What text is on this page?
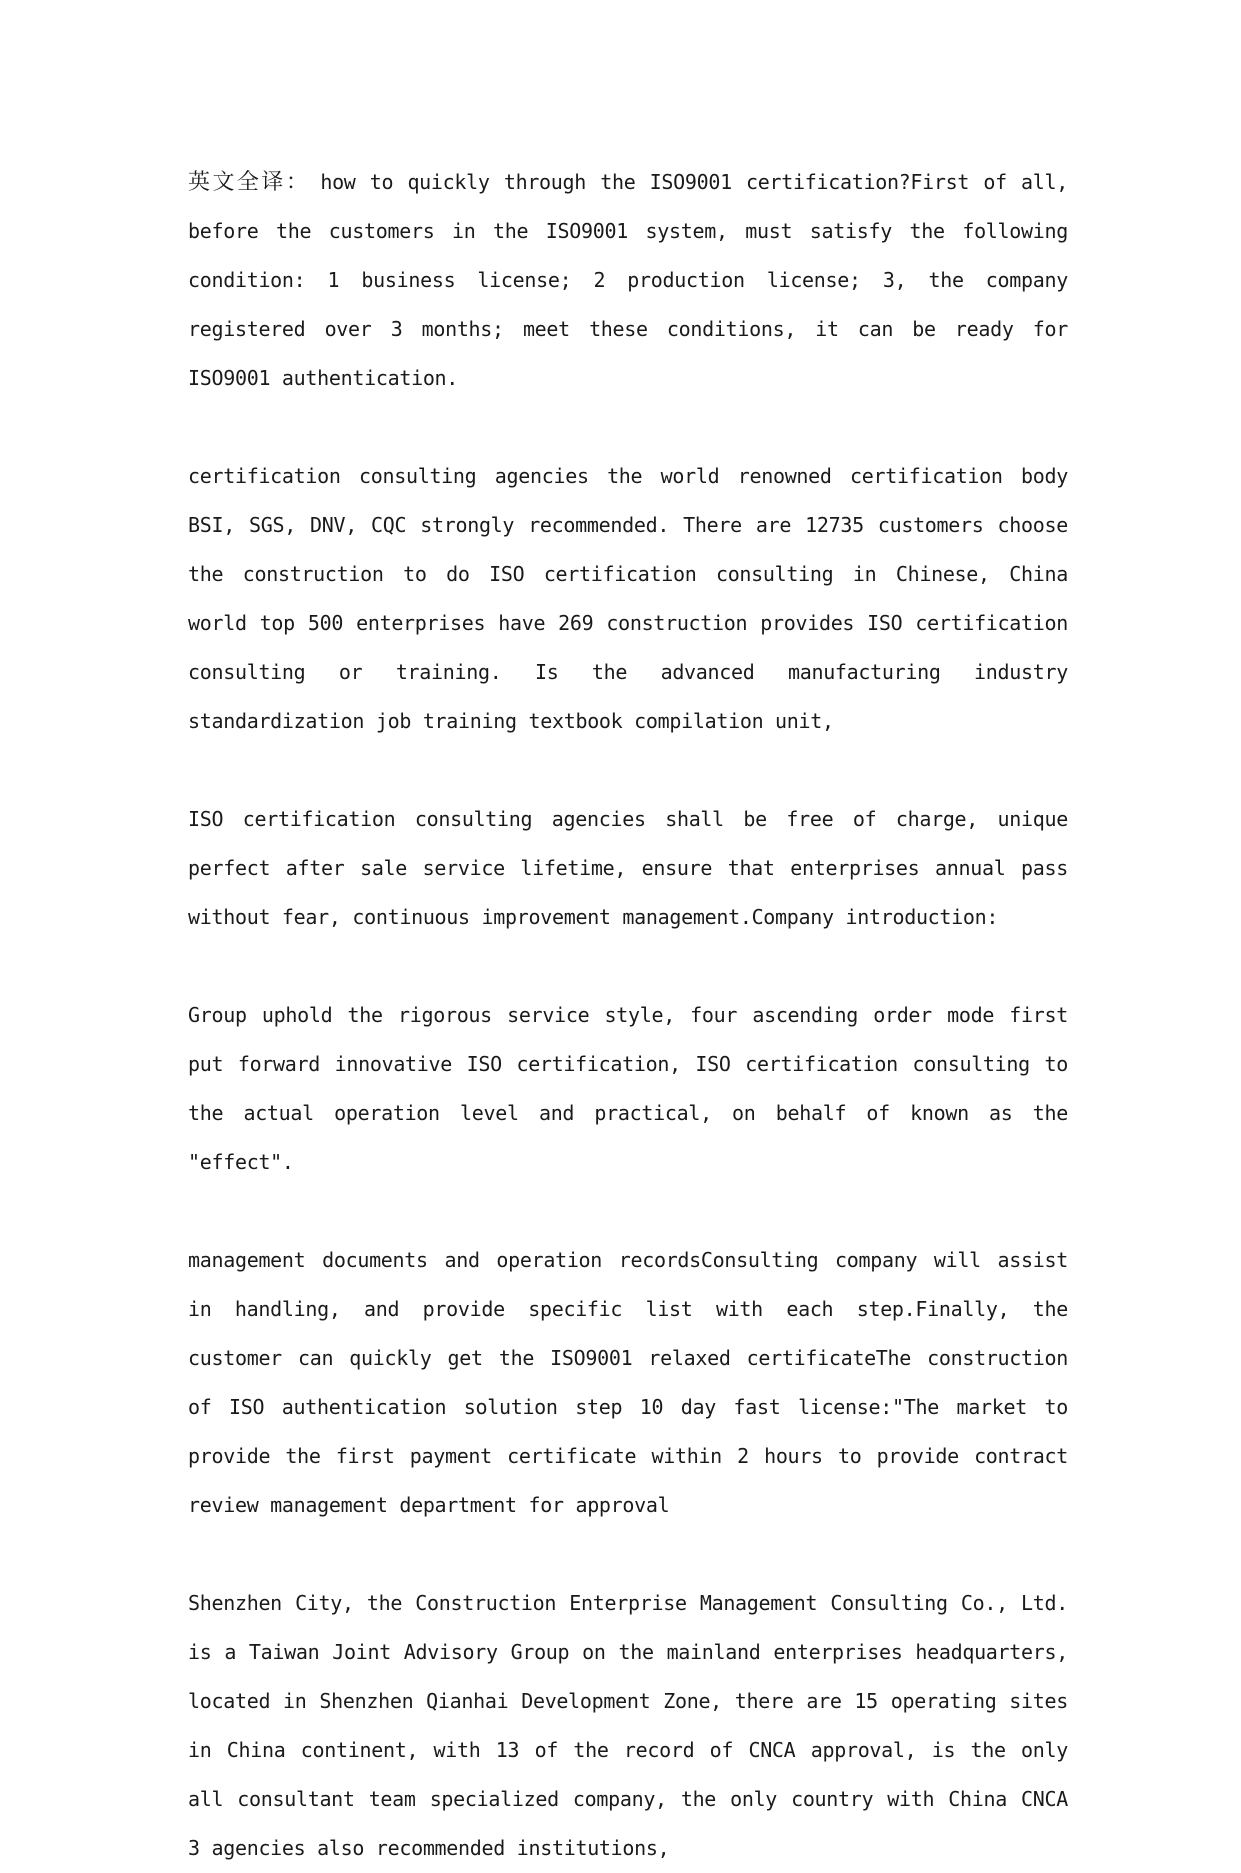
英文全译： how to quickly through the ISO9001 certification?First of all, before the customers in the ISO9001 system, must satisfy the following condition: 1 business license; 2 production license; 3, the company registered over 3 months; meet these conditions, it can be ready for ISO9001 authentication.

certification consulting agencies the world renowned certification body BSI, SGS, DNV, CQC strongly recommended. There are 12735 customers choose the construction to do ISO certification consulting in Chinese, China world top 500 enterprises have 269 construction provides ISO certification consulting or training. Is the advanced manufacturing industry standardization job training textbook compilation unit,

ISO certification consulting agencies shall be free of charge, unique perfect after sale service lifetime, ensure that enterprises annual pass without fear, continuous improvement management.Company introduction:

Group uphold the rigorous service style, four ascending order mode first put forward innovative ISO certification, ISO certification consulting to the actual operation level and practical, on behalf of known as the "effect".

management documents and operation recordsConsulting company will assist in handling, and provide specific list with each step.Finally, the customer can quickly get the ISO9001 relaxed certificateThe construction of ISO authentication solution step 10 day fast license:"The market to provide the first payment certificate within 2 hours to provide contract review management department for approval

Shenzhen City, the Construction Enterprise Management Consulting Co., Ltd. is a Taiwan Joint Advisory Group on the mainland enterprises headquarters, located in Shenzhen Qianhai Development Zone, there are 15 operating sites in China continent, with 13 of the record of CNCA approval, is the only all consultant team specialized company, the only country with China CNCA 3 agencies also recommended institutions,
